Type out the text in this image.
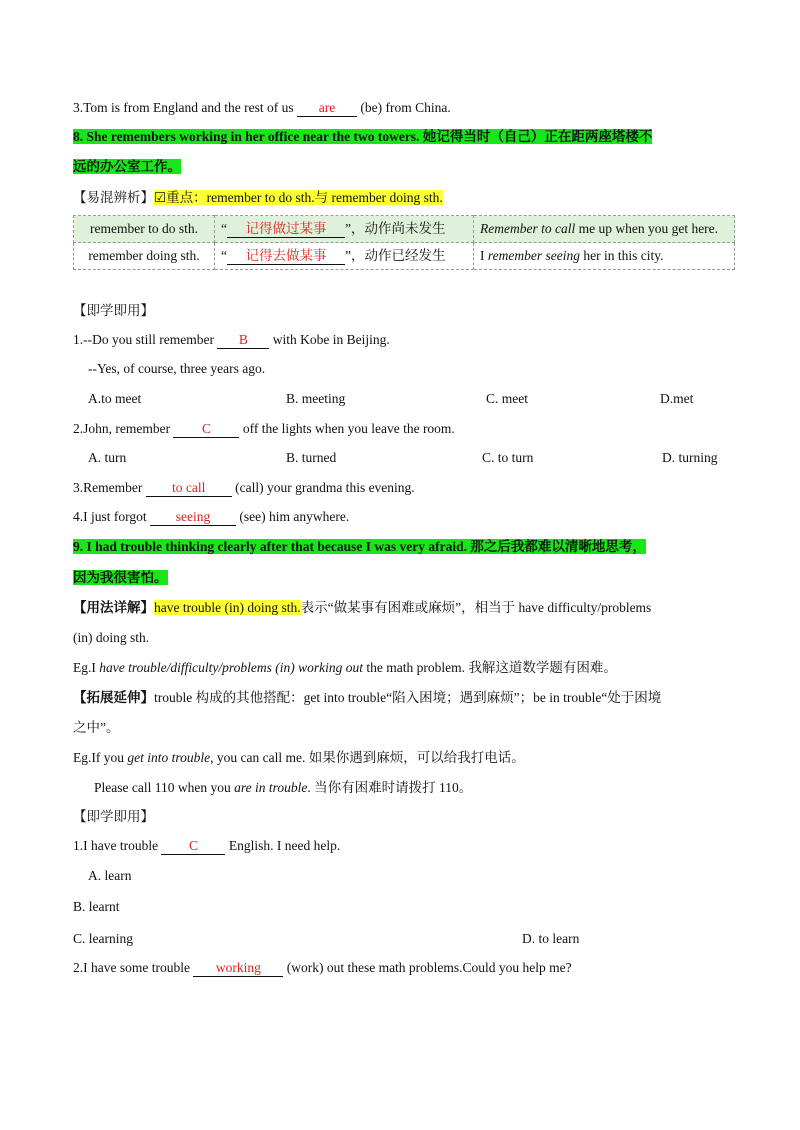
3.Tom is from England and the rest of us are (be) from China.
8. She remembers working in her office near the two towers. 她记得当时（自己）正在距两座塔楼不
远的办公室工作。
【易混辨析】☑重点：remember to do sth.与 remember doing sth.
remember to do sth.	“ 记得做过某事 ”，动作尚未发生	Remember to call me up when you get here.
remember doing sth.	“ 记得去做某事 ”，动作已经发生	I remember seeing her in this city.
【即学即用】
1.--Do you still remember B with Kobe in Beijing.
--Yes, of course, three years ago.
A.to meet	B. meeting	C. meet	D.met
2.John, remember C off the lights when you leave the room.
A. turn	B. turned	C. to turn	D. turning
3.Remember to call (call) your grandma this evening.
4.I just forgot seeing (see) him anywhere.
9. I had trouble thinking clearly after that because I was very afraid. 那之后我都难以清晰地思考，
因为我很害怕。
【用法详解】have trouble (in) doing sth.表示“做某事有困难或麻烦”，相当于 have difficulty/problems
(in) doing sth.
Eg.I have trouble/difficulty/problems (in) working out the math problem. 我解这道数学题有困难。
【拓展延伸】trouble 构成的其他搭配：get into trouble“陷入困境；遇到麻烦”；be in trouble“处于困境
之中”。
Eg.If you get into trouble, you can call me. 如果你遇到麻烦，可以给我打电话。
Please call 110 when you are in trouble. 当你有困难时请拨打 110。
【即学即用】
1.I have trouble C English. I need help.
A. learn
B. learnt
C. learning	D. to learn
2.I have some trouble working (work) out these math problems.Could you help me?
